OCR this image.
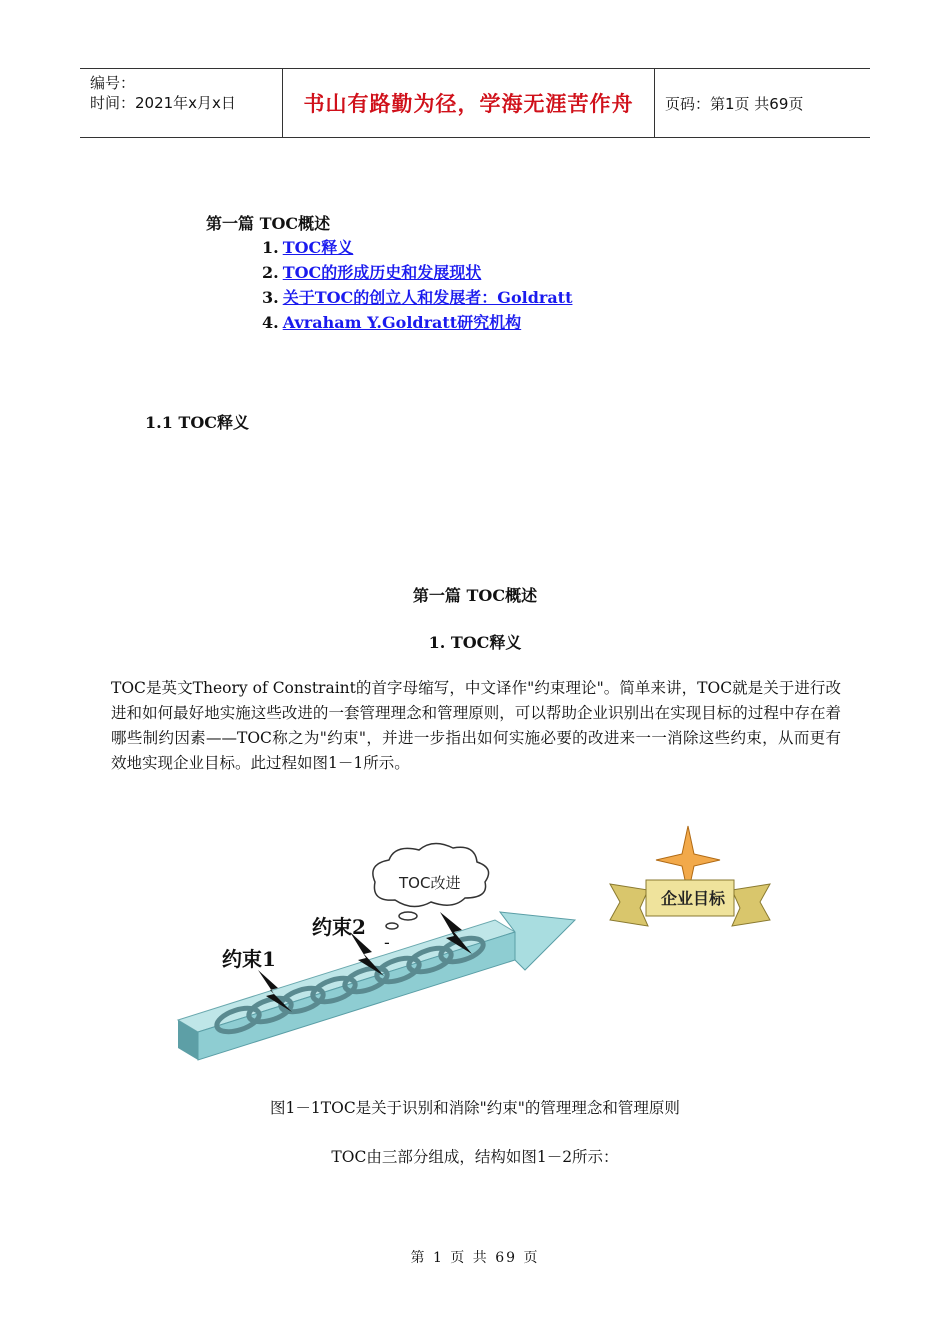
编号：
时间：2021年x月x日	书山有路勤为径，学海无涯苦作舟	页码：第1页 共69页
第一篇 TOC概述
1. TOC释义
2. TOC的形成历史和发展现状
3. 关于TOC的创立人和发展者：Goldratt
4. Avraham Y.Goldratt研究机构
1.1 TOC释义
第一篇 TOC概述
1. TOC释义
TOC是英文Theory of Constraint的首字母缩写，中文译作"约束理论"。简单来讲，TOC就是关于进行改进和如何最好地实施这些改进的一套管理理念和管理原则，可以帮助企业识别出在实现目标的过程中存在着哪些制约因素——TOC称之为"约束"，并进一步指出如何实施必要的改进来一一消除这些约束，从而更有效地实现企业目标。此过程如图1－1所示。
TOC改进
约束1
约束2
-
企业目标
图1－1TOC是关于识别和消除"约束"的管理理念和管理原则
TOC由三部分组成，结构如图1－2所示：
第 1 页 共 69 页
